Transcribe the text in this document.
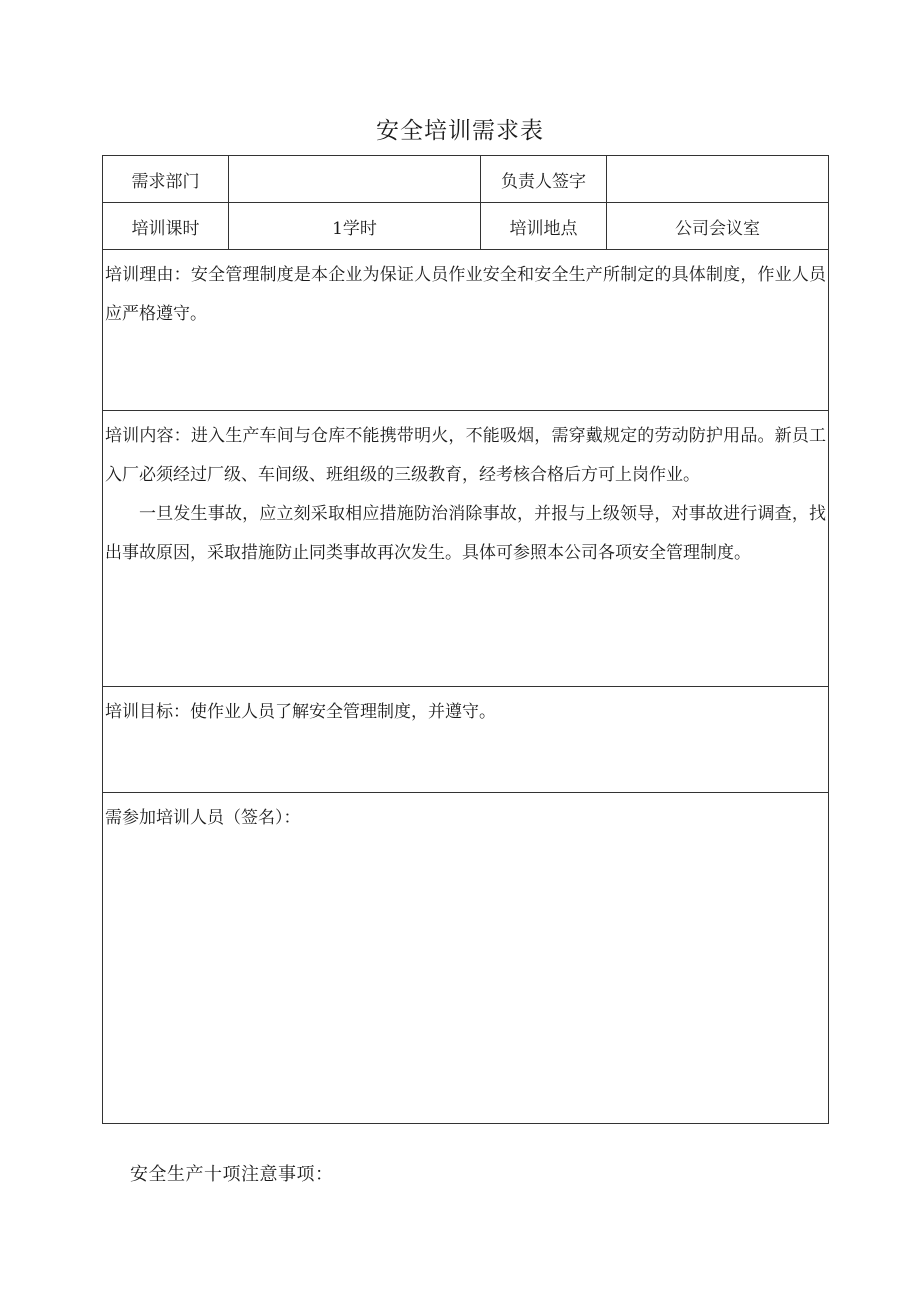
安全培训需求表
需求部门		负责人签字	
培训课时	1学时	培训地点	公司会议室

培训理由：安全管理制度是本企业为保证人员作业安全和安全生产所制定的具体制度，作业人员应严格遵守。			

培训内容：进入生产车间与仓库不能携带明火，不能吸烟，需穿戴规定的劳动防护用品。新员工入厂必须经过厂级、车间级、班组级的三级教育，经考核合格后方可上岗作业。

一旦发生事故，应立刻采取相应措施防治消除事故，并报与上级领导，对事故进行调查，找出事故原因，采取措施防止同类事故再次发生。具体可参照本公司各项安全管理制度。			

培训目标：使作业人员了解安全管理制度，并遵守。			

需参加培训人员（签名）：			

安全生产十项注意事项：
